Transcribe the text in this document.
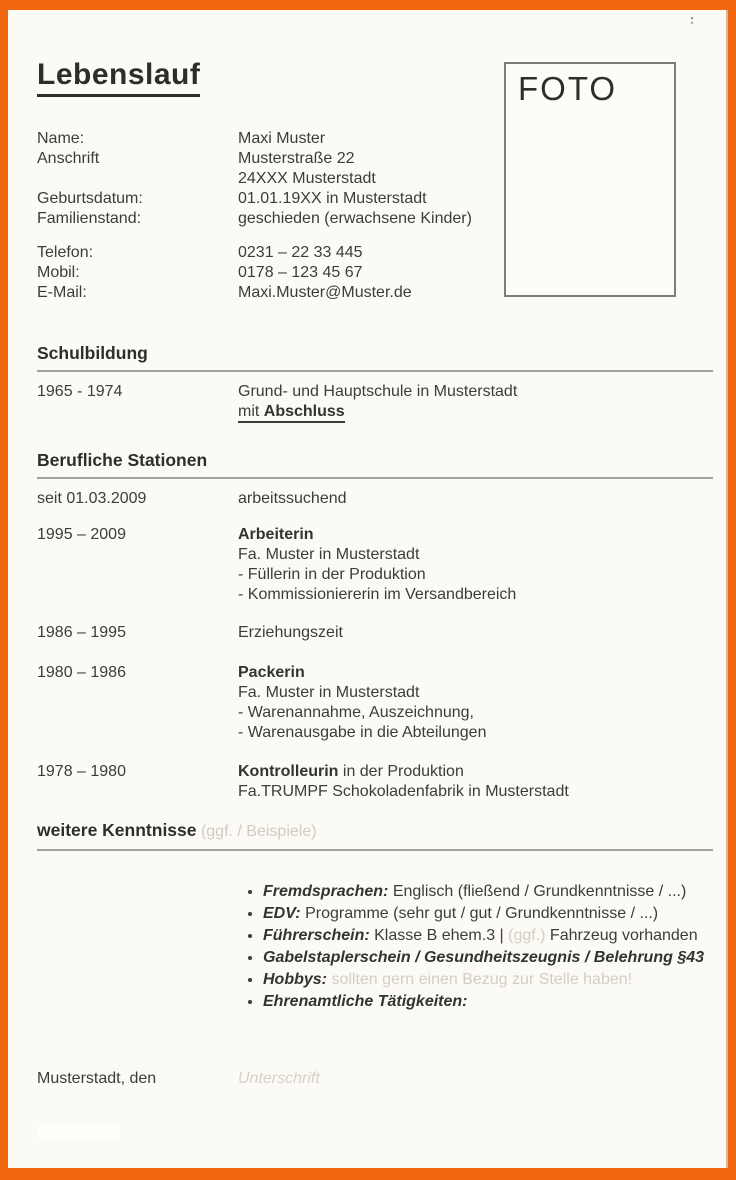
Lebenslauf	FOTO
Name:	Maxi Muster
Anschrift	Musterstraße 22
24XXX Musterstadt
Geburtsdatum:	01.01.19XX in Musterstadt
Familienstand:	geschieden (erwachsene Kinder)
Telefon:	0231 – 22 33 445
Mobil:	0178 – 123 45 67
E-Mail:	Maxi.Muster@Muster.de
Schulbildung
1965 - 1974	Grund- und Hauptschule in Musterstadt
mit Abschluss
Berufliche Stationen
seit 01.03.2009	arbeitssuchend
1995 – 2009	Arbeiterin
Fa. Muster in Musterstadt
- Füllerin in der Produktion
- Kommissioniererin im Versandbereich
1986 – 1995	Erziehungszeit
1980 – 1986	Packerin
Fa. Muster in Musterstadt
- Warenannahme, Auszeichnung,
- Warenausgabe in die Abteilungen
1978 – 1980	Kontrolleurin in der Produktion
Fa.TRUMPF Schokoladenfabrik in Musterstadt
weitere Kenntnisse (ggf. / Beispiele)
• Fremdsprachen: Englisch (fließend / Grundkenntnisse / ...)
• EDV: Programme (sehr gut / gut / Grundkenntnisse / ...)
• Führerschein: Klasse B ehem.3 | (ggf.) Fahrzeug vorhanden
• Gabelstaplerschein / Gesundheitszeugnis / Belehrung §43
• Hobbys: sollten gern einen Bezug zur Stelle haben!
• Ehrenamtliche Tätigkeiten:
Musterstadt, den	Unterschrift
